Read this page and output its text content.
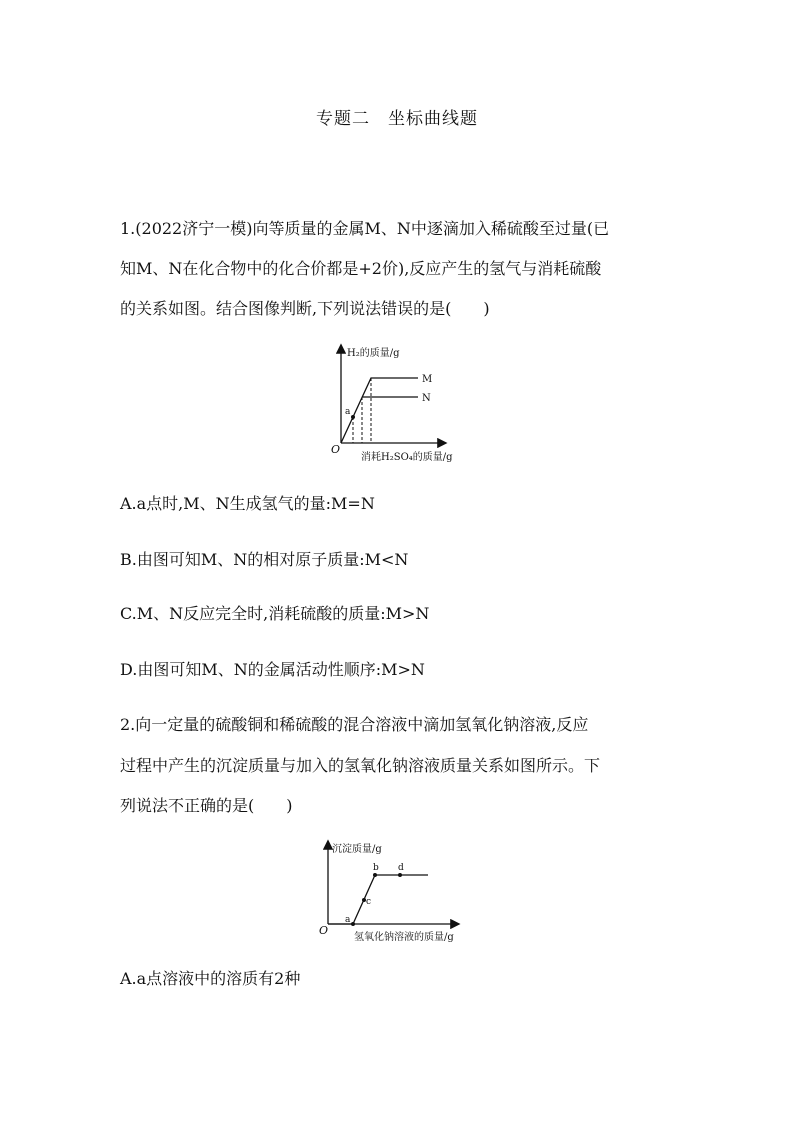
专题二　坐标曲线题
1.(2022济宁一模)向等质量的金属M、N中逐滴加入稀硫酸至过量(已
知M、N在化合物中的化合价都是+2价),反应产生的氢气与消耗硫酸
的关系如图。结合图像判断,下列说法错误的是(　　)
H₂的质量/g
消耗H₂SO₄的质量/g
O
a
M
N
A.a点时,M、N生成氢气的量:M=N
B.由图可知M、N的相对原子质量:M<N
C.M、N反应完全时,消耗硫酸的质量:M>N
D.由图可知M、N的金属活动性顺序:M>N
2.向一定量的硫酸铜和稀硫酸的混合溶液中滴加氢氧化钠溶液,反应
过程中产生的沉淀质量与加入的氢氧化钠溶液质量关系如图所示。下
列说法不正确的是(　　)
沉淀质量/g
氢氧化钠溶液的质量/g
O
a
b
c
d
A.a点溶液中的溶质有2种
